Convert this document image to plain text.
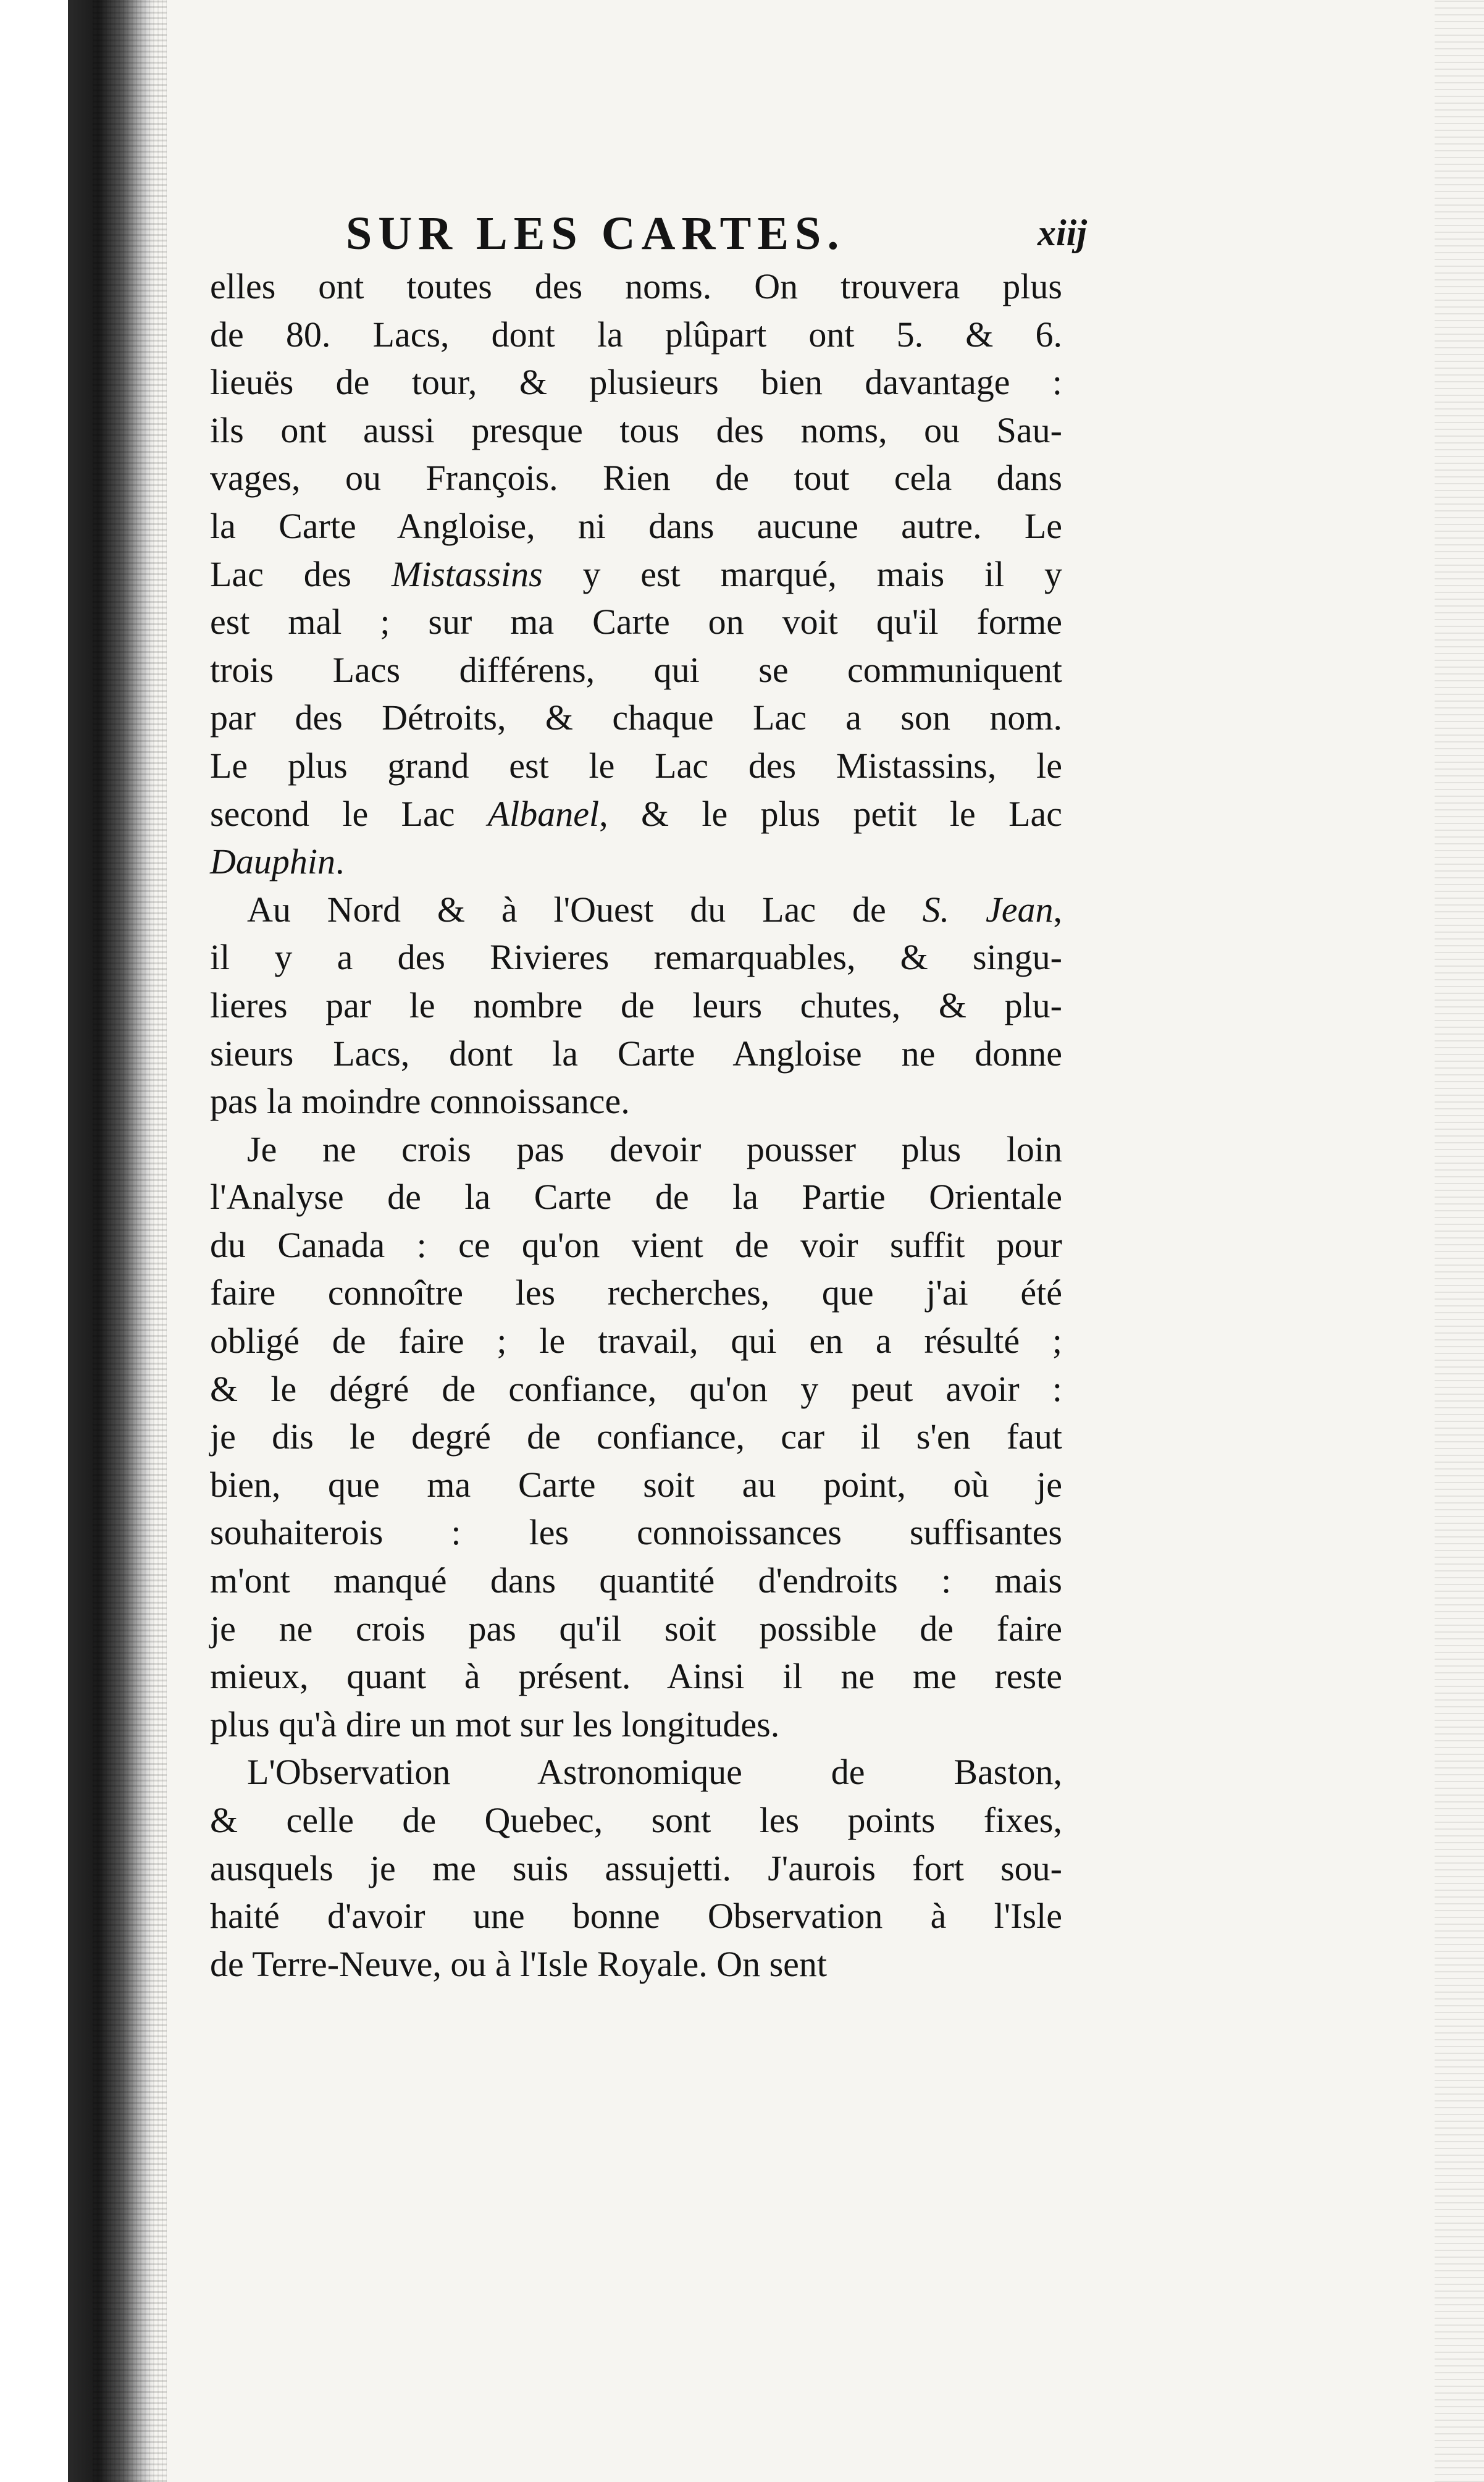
SUR LES CARTES.	xiij
elles ont toutes des noms. On trouvera plus
de 80. Lacs, dont la plûpart ont 5. & 6.
lieuës de tour, & plusieurs bien davantage :
ils ont aussi presque tous des noms, ou Sau-
vages, ou François. Rien de tout cela dans
la Carte Angloise, ni dans aucune autre. Le
Lac des Mistassins y est marqué, mais il y
est mal ; sur ma Carte on voit qu'il forme
trois Lacs différens, qui se communiquent
par des Détroits, & chaque Lac a son nom.
Le plus grand est le Lac des Mistassins, le
second le Lac Albanel, & le plus petit le Lac
Dauphin.
Au Nord & à l'Ouest du Lac de S. Jean,
il y a des Rivieres remarquables, & singu-
lieres par le nombre de leurs chutes, & plu-
sieurs Lacs, dont la Carte Angloise ne donne
pas la moindre connoissance.
Je ne crois pas devoir pousser plus loin
l'Analyse de la Carte de la Partie Orientale
du Canada : ce qu'on vient de voir suffit pour
faire connoître les recherches, que j'ai été
obligé de faire ; le travail, qui en a résulté ;
& le dégré de confiance, qu'on y peut avoir :
je dis le degré de confiance, car il s'en faut
bien, que ma Carte soit au point, où je
souhaiterois : les connoissances suffisantes
m'ont manqué dans quantité d'endroits : mais
je ne crois pas qu'il soit possible de faire
mieux, quant à présent. Ainsi il ne me reste
plus qu'à dire un mot sur les longitudes.
L'Observation Astronomique de Baston,
& celle de Quebec, sont les points fixes,
ausquels je me suis assujetti. J'aurois fort sou-
haité d'avoir une bonne Observation à l'Isle
de Terre-Neuve, ou à l'Isle Royale. On sent
